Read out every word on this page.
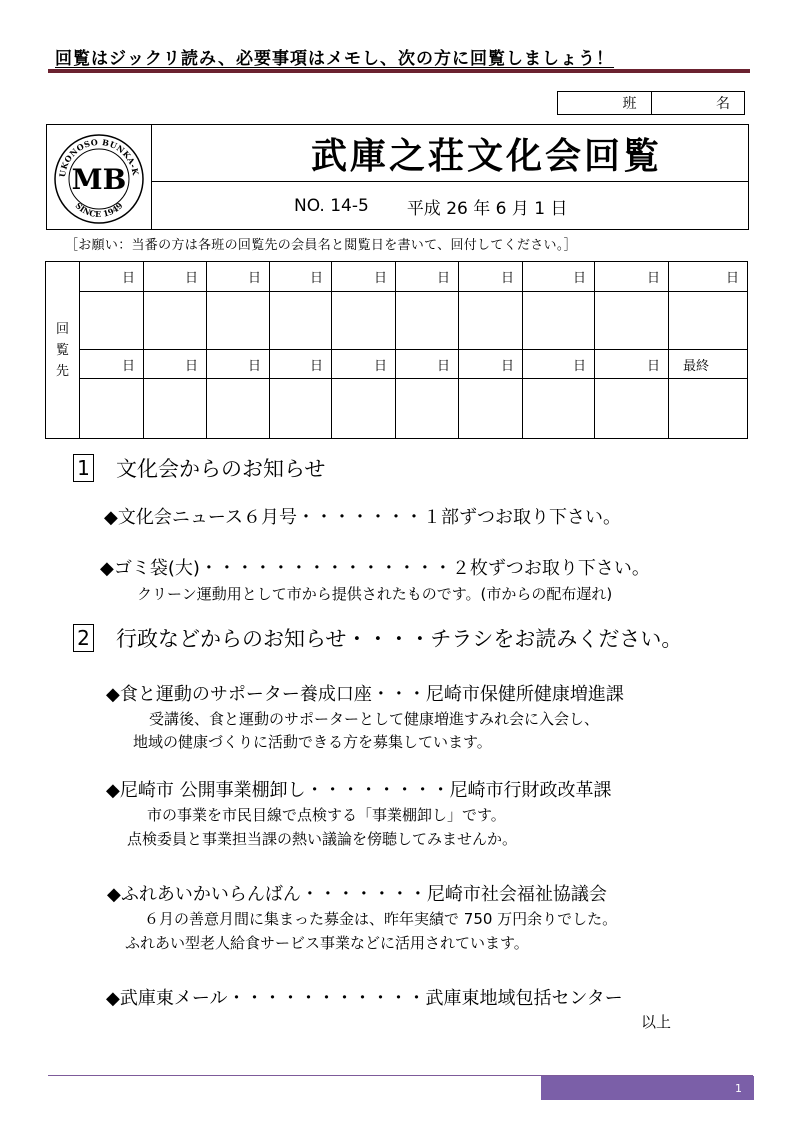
回覧はジックリ読み、必要事項はメモし、次の方に回覧しましょう！
班	名
UKONOSO BUNKA-K
SINCE 1949
MB
武庫之荘文化会回覧
NO. 14-5 平成 26 年 6 月 1 日
［お願い：当番の方は各班の回覧先の会員名と閲覧日を書いて、回付してください。］
回
覧
先
日	日	日	日	日	日	日	日	日	日
日	日	日	日	日	日	日	日	日	最終
1 文化会からのお知らせ
◆文化会ニュース６月号・・・・・・・１部ずつお取り下さい。
◆ゴミ袋(大)・・・・・・・・・・・・・・２枚ずつお取り下さい。
クリーン運動用として市から提供されたものです。(市からの配布遅れ)
2 行政などからのお知らせ・・・・チラシをお読みください。
◆食と運動のサポーター養成口座・・・尼崎市保健所健康増進課
受講後、食と運動のサポーターとして健康増進すみれ会に入会し、
地域の健康づくりに活動できる方を募集しています。
◆尼崎市 公開事業棚卸し・・・・・・・・尼崎市行財政改革課
市の事業を市民目線で点検する「事業棚卸し」です。
点検委員と事業担当課の熱い議論を傍聴してみませんか。
◆ふれあいかいらんばん・・・・・・・尼崎市社会福祉協議会
６月の善意月間に集まった募金は、昨年実績で 750 万円余りでした。
ふれあい型老人給食サービス事業などに活用されています。
◆武庫東メール・・・・・・・・・・・武庫東地域包括センター
以上
1
